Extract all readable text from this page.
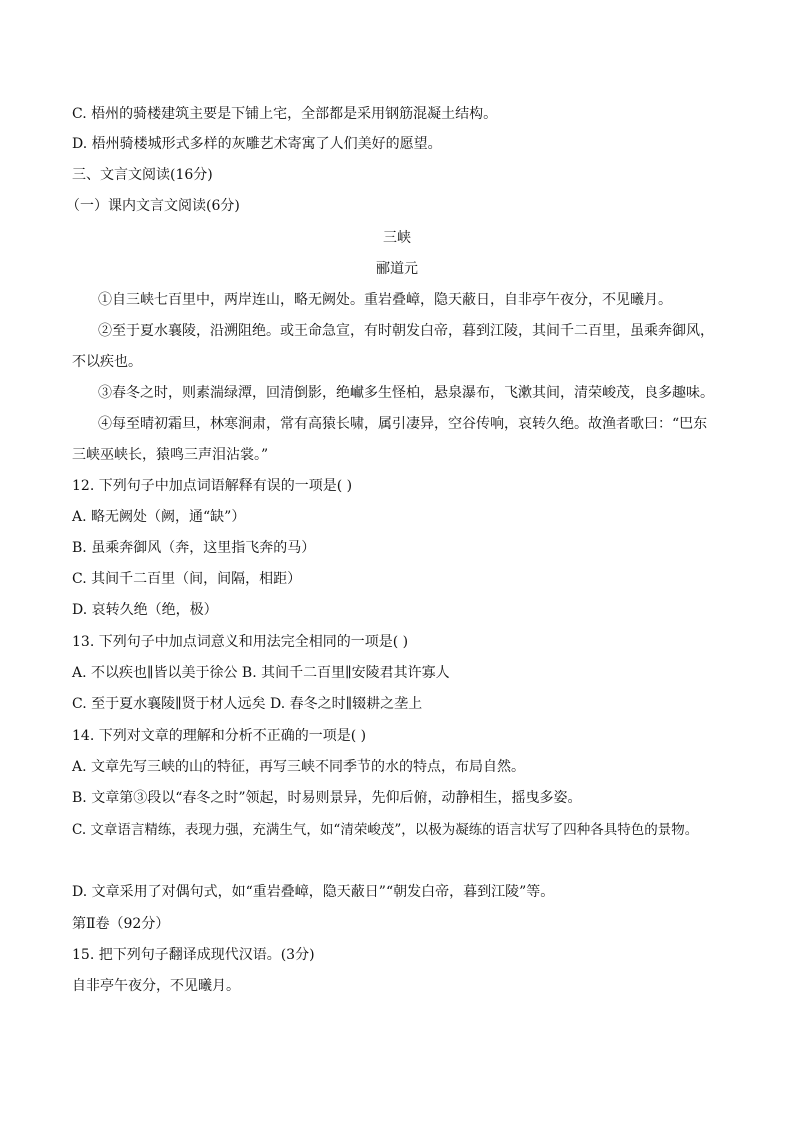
C. 梧州的骑楼建筑主要是下铺上宅，全部都是采用钢筋混凝土结构。
D. 梧州骑楼城形式多样的灰雕艺术寄寓了人们美好的愿望。
三、文言文阅读(16分)
（一）课内文言文阅读(6分)
三峡
郦道元
①自三峡七百里中，两岸连山，略无阙处。重岩叠嶂，隐天蔽日，自非亭午夜分，不见曦月。
②至于夏水襄陵，沿溯阻绝。或王命急宣，有时朝发白帝，暮到江陵，其间千二百里，虽乘奔御风，
不以疾也。
③春冬之时，则素湍绿潭，回清倒影，绝𪩘多生怪柏，悬泉瀑布，飞漱其间，清荣峻茂，良多趣味。
④每至晴初霜旦，林寒涧肃，常有高猿长啸，属引凄异，空谷传响，哀转久绝。故渔者歌曰：“巴东
三峡巫峡长，猿鸣三声泪沾裳。”
12. 下列句子中加点词语解释有误的一项是( )
A. 略无阙处（阙，通“缺”）
B. 虽乘奔御风（奔，这里指飞奔的马）
C. 其间千二百里（间，间隔，相距）
D. 哀转久绝（绝，极）
13. 下列句子中加点词意义和用法完全相同的一项是( )
A. 不以疾也∥皆以美于徐公 B. 其间千二百里∥安陵君其许寡人
C. 至于夏水襄陵∥贤于材人远矣 D. 春冬之时∥辍耕之垄上
14. 下列对文章的理解和分析不正确的一项是( )
A. 文章先写三峡的山的特征，再写三峡不同季节的水的特点，布局自然。
B. 文章第③段以“春冬之时”领起，时易则景异，先仰后俯，动静相生，摇曳多姿。
C. 文章语言精练，表现力强，充满生气，如“清荣峻茂”，以极为凝练的语言状写了四种各具特色的景物。
D. 文章采用了对偶句式，如“重岩叠嶂，隐天蔽日”“朝发白帝，暮到江陵”等。
第Ⅱ卷（92分）
15. 把下列句子翻译成现代汉语。(3分)
自非亭午夜分，不见曦月。
